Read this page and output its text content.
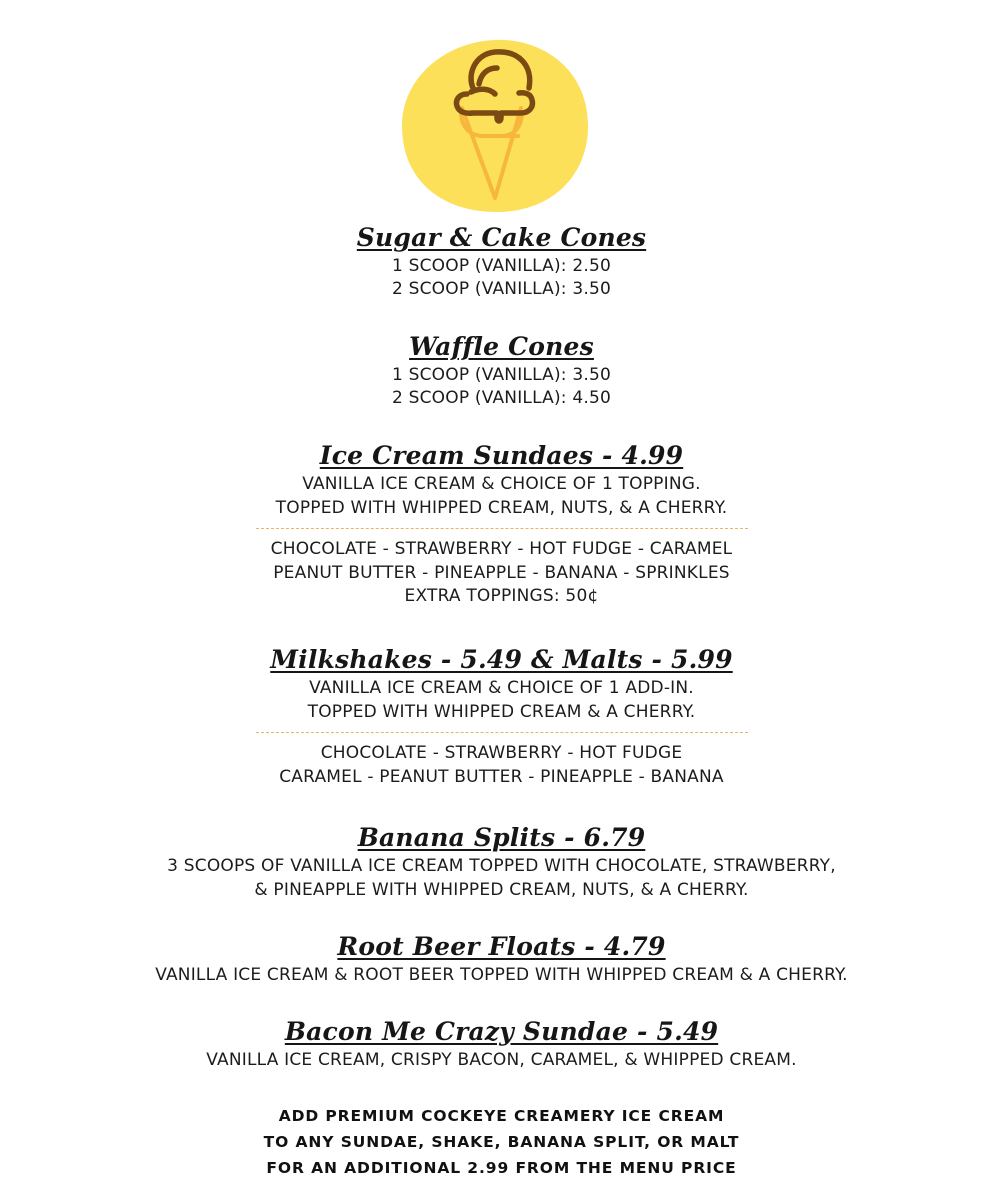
Sugar & Cake Cones
1 SCOOP (VANILLA): 2.50
2 SCOOP (VANILLA): 3.50
Waffle Cones
1 SCOOP (VANILLA): 3.50
2 SCOOP (VANILLA): 4.50
Ice Cream Sundaes - 4.99
VANILLA ICE CREAM & CHOICE OF 1 TOPPING.
TOPPED WITH WHIPPED CREAM, NUTS, & A CHERRY.
CHOCOLATE - STRAWBERRY - HOT FUDGE - CARAMEL
PEANUT BUTTER - PINEAPPLE - BANANA - SPRINKLES
EXTRA TOPPINGS: 50¢
Milkshakes - 5.49 & Malts - 5.99
VANILLA ICE CREAM & CHOICE OF 1 ADD-IN.
TOPPED WITH WHIPPED CREAM & A CHERRY.
CHOCOLATE - STRAWBERRY - HOT FUDGE
CARAMEL - PEANUT BUTTER - PINEAPPLE - BANANA
Banana Splits - 6.79
3 SCOOPS OF VANILLA ICE CREAM TOPPED WITH CHOCOLATE, STRAWBERRY,
& PINEAPPLE WITH WHIPPED CREAM, NUTS, & A CHERRY.
Root Beer Floats - 4.79
VANILLA ICE CREAM & ROOT BEER TOPPED WITH WHIPPED CREAM & A CHERRY.
Bacon Me Crazy Sundae - 5.49
VANILLA ICE CREAM, CRISPY BACON, CARAMEL, & WHIPPED CREAM.
ADD PREMIUM COCKEYE CREAMERY ICE CREAM
TO ANY SUNDAE, SHAKE, BANANA SPLIT, OR MALT
FOR AN ADDITIONAL 2.99 FROM THE MENU PRICE
